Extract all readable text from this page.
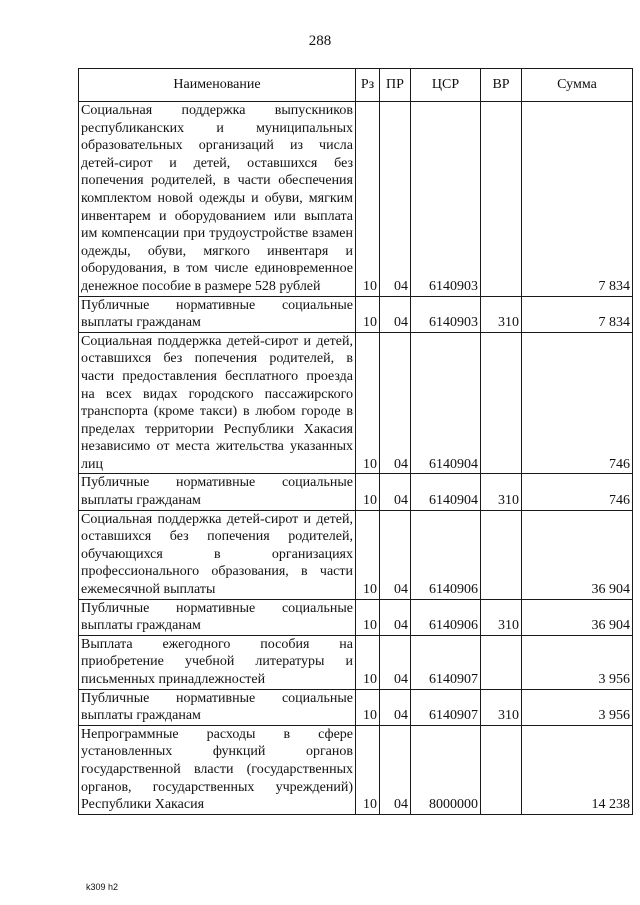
288
Наименование	Рз	ПР	ЦСР	ВР	Сумма
Социальная поддержка выпускников республиканских и муниципальных образовательных организаций из числа детей-сирот и детей, оставшихся без попечения родителей, в части обеспечения комплектом новой одежды и обуви, мягким инвентарем и оборудованием или выплата им компенсации при трудоустройстве взамен одежды, обуви, мягкого инвентаря и оборудования, в том числе единовременное денежное пособие в размере 528 рублей	10	04	6140903		7 834
Публичные нормативные социальные выплаты гражданам	10	04	6140903	310	7 834
Социальная поддержка детей-сирот и детей, оставшихся без попечения родителей, в части предоставления бесплатного проезда на всех видах городского пассажирского транспорта (кроме такси) в любом городе в пределах территории Республики Хакасия независимо от места жительства указанных лиц	10	04	6140904		746
Публичные нормативные социальные выплаты гражданам	10	04	6140904	310	746
Социальная поддержка детей-сирот и детей, оставшихся без попечения родителей, обучающихся в организациях профессионального образования, в части ежемесячной выплаты	10	04	6140906		36 904
Публичные нормативные социальные выплаты гражданам	10	04	6140906	310	36 904
Выплата ежегодного пособия на приобретение учебной литературы и письменных принадлежностей	10	04	6140907		3 956
Публичные нормативные социальные выплаты гражданам	10	04	6140907	310	3 956
Непрограммные расходы в сфере установленных функций органов государственной власти (государственных органов, государственных учреждений) Республики Хакасия	10	04	8000000		14 238
k309 h2
